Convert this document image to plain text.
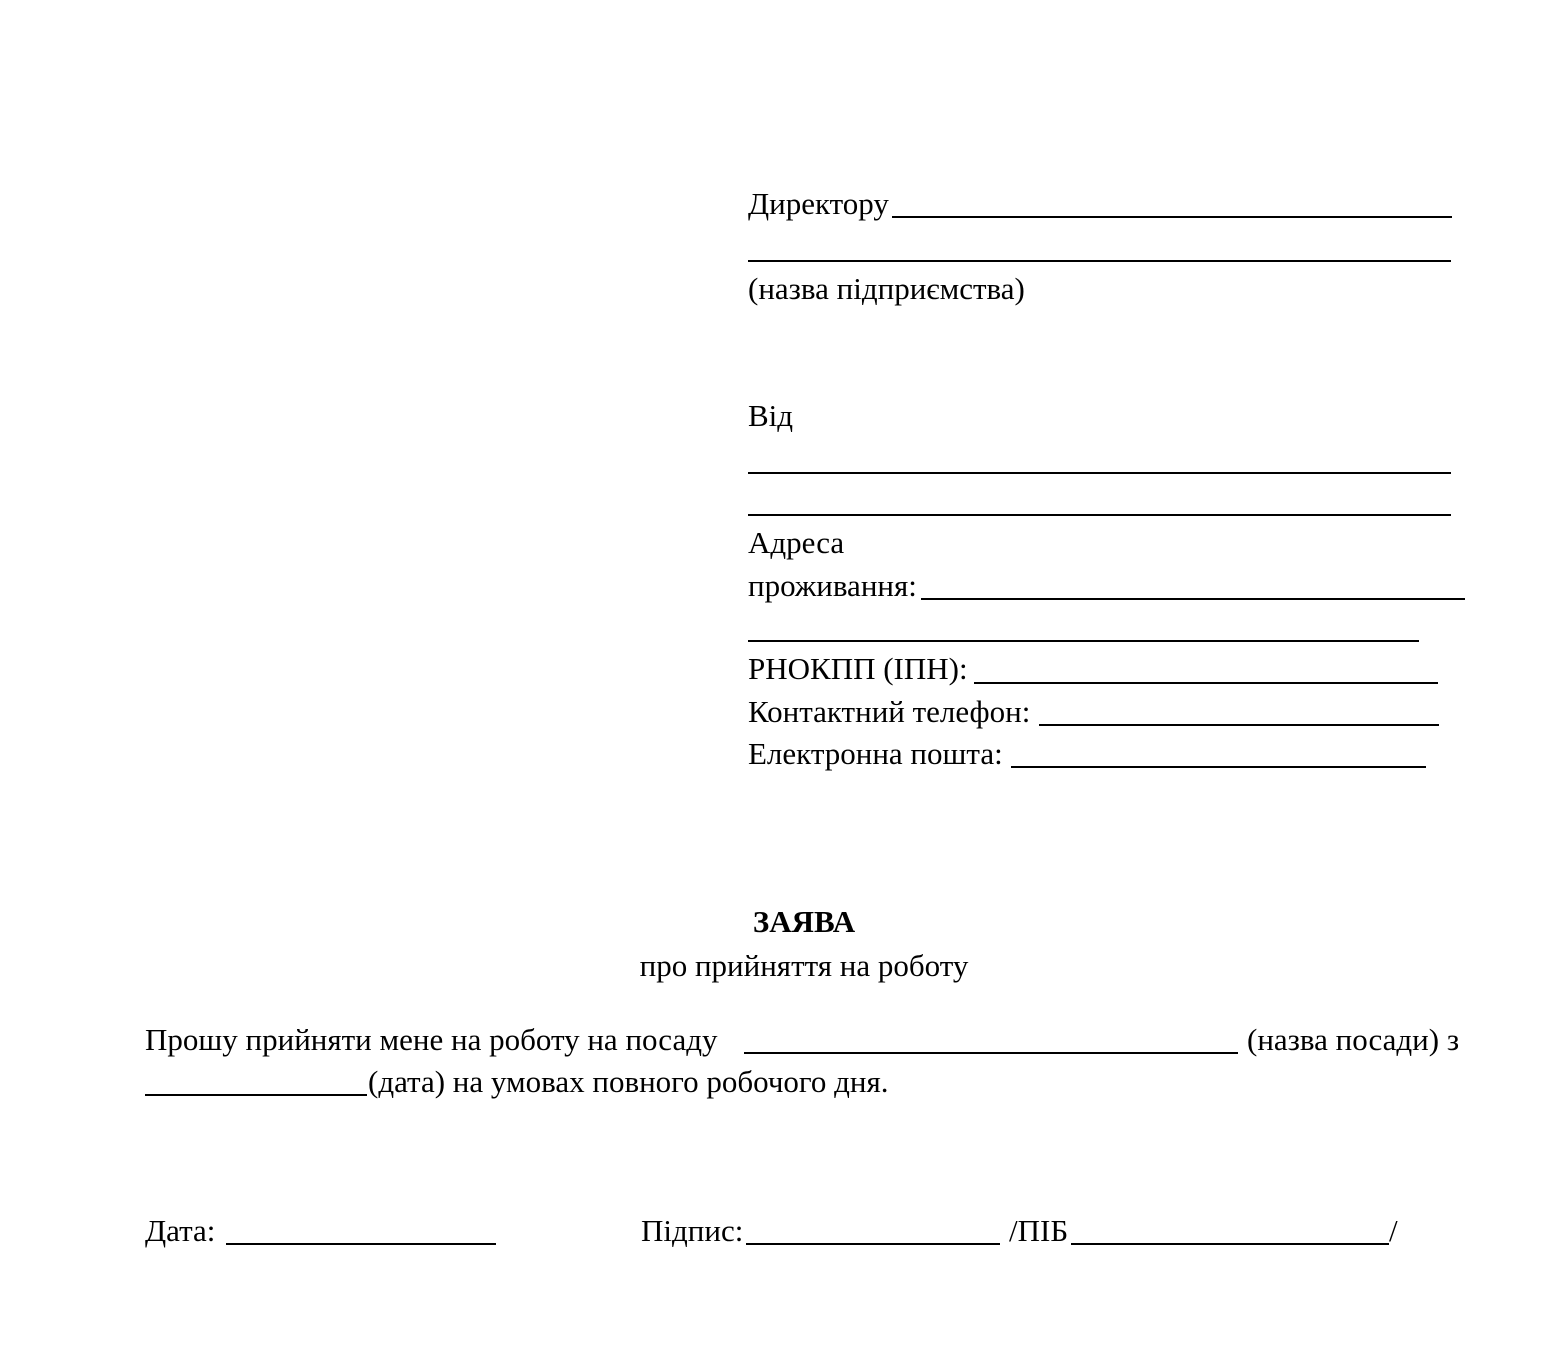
Директору
(назва підприємства)
Від
Адреса
проживання:
РНОКПП (ІПН):
Контактний телефон:
Електронна пошта:
ЗАЯВА
про прийняття на роботу
Прошу прийняти мене на роботу на посаду	(назва посади) з
(дата) на умовах повного робочого дня.
Дата:	Підпис:	/ПІБ	/
